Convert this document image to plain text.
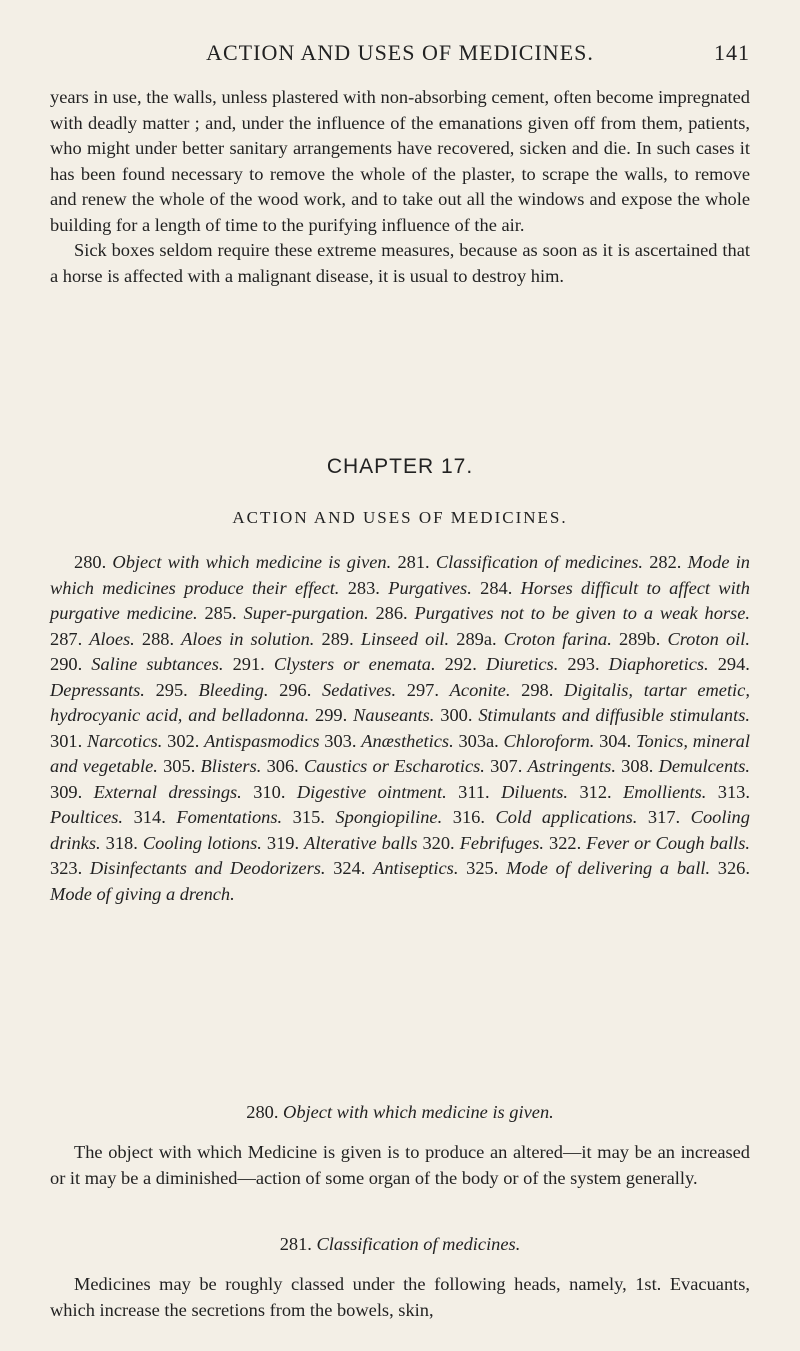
ACTION AND USES OF MEDICINES.	141

years in use, the walls, unless plastered with non-absorbing cement, often become impregnated with deadly matter ; and, under the influence of the emanations given off from them, patients, who might under better sanitary arrangements have recovered, sicken and die. In such cases it has been found necessary to remove the whole of the plaster, to scrape the walls, to remove and renew the whole of the wood work, and to take out all the windows and expose the whole building for a length of time to the purifying influence of the air.

Sick boxes seldom require these extreme measures, because as soon as it is ascertained that a horse is affected with a malignant disease, it is usual to destroy him.

CHAPTER 17.
ACTION AND USES OF MEDICINES.

280. Object with which medicine is given. 281. Classification of medicines. 282. Mode in which medicines produce their effect. 283. Purgatives. 284. Horses difficult to affect with purgative medicine. 285. Super-purgation. 286. Purgatives not to be given to a weak horse. 287. Aloes. 288. Aloes in solution. 289. Linseed oil. 289a. Croton farina. 289b. Croton oil. 290. Saline subtances. 291. Clysters or enemata. 292. Diuretics. 293. Diaphoretics. 294. Depressants. 295. Bleeding. 296. Sedatives. 297. Aconite. 298. Digitalis, tartar emetic, hydrocyanic acid, and belladonna. 299. Nauseants. 300. Stimulants and diffusible stimulants. 301. Narcotics. 302. Antispasmodics 303. Anæsthetics. 303a. Chloroform. 304. Tonics, mineral and vegetable. 305. Blisters. 306. Caustics or Escharotics. 307. Astringents. 308. Demulcents. 309. External dressings. 310. Digestive ointment. 311. Diluents. 312. Emollients. 313. Poultices. 314. Fomentations. 315. Spongiopiline. 316. Cold applications. 317. Cooling drinks. 318. Cooling lotions. 319. Alterative balls 320. Febrifuges. 322. Fever or Cough balls. 323. Disinfectants and Deodorizers. 324. Antiseptics. 325. Mode of delivering a ball. 326. Mode of giving a drench.

280. Object with which medicine is given.

The object with which Medicine is given is to produce an altered—it may be an increased or it may be a diminished—action of some organ of the body or of the system generally.

281. Classification of medicines.

Medicines may be roughly classed under the following heads, namely, 1st. Evacuants, which increase the secretions from the bowels, skin,
